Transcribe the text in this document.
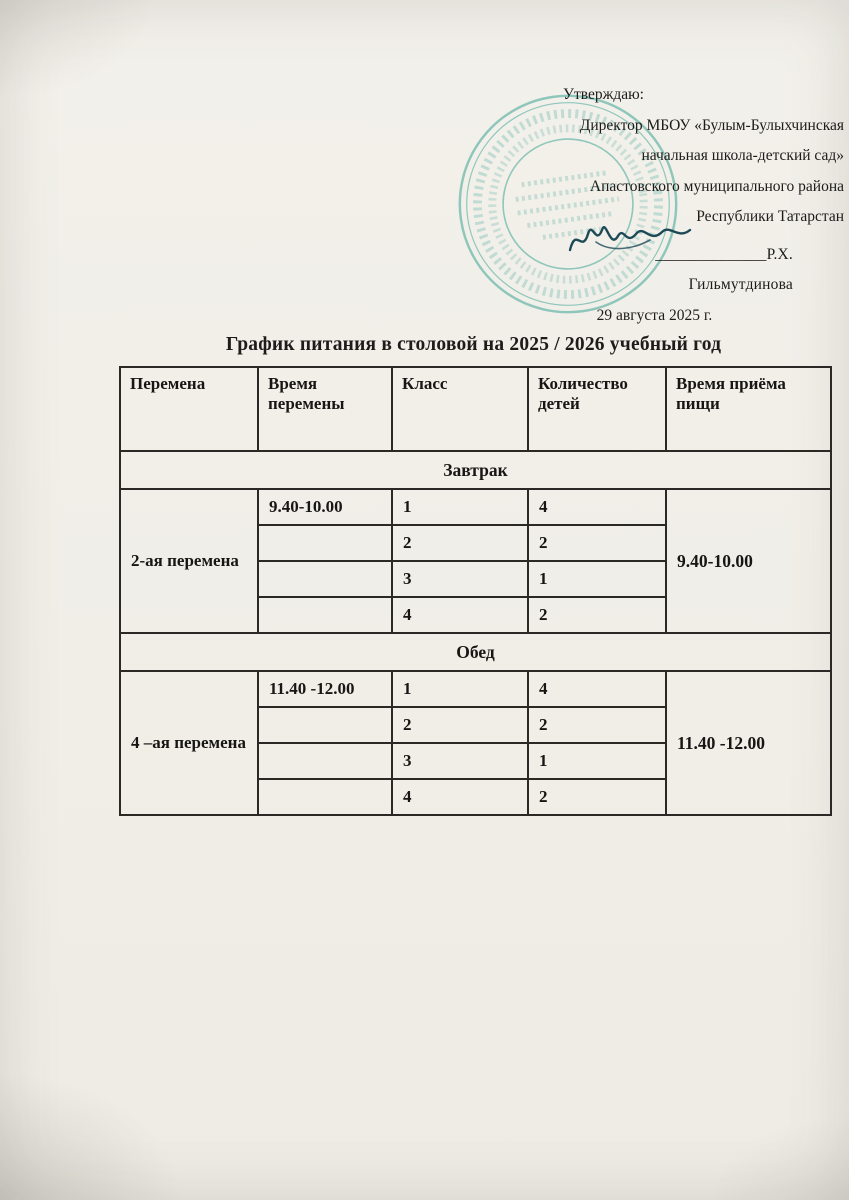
Утверждаю:
Директор МБОУ «Булым-Булыхчинская
начальная школа-детский сад»
Апастовского муниципального района
Республики Татарстан
______________Р.Х. Гильмутдинова
29 августа 2025 г.
График питания в столовой на 2025 / 2026 учебный год
Перемена	Время перемены	Класс	Количество детей	Время приёма пищи
Завтрак				
2-ая перемена	9.40-10.00	1	4	9.40-10.00
		2	2	
		3	1	
		4	2	
Обед				
4 –ая перемена	11.40 -12.00	1	4	11.40 -12.00
		2	2	
		3	1	
		4	2	
